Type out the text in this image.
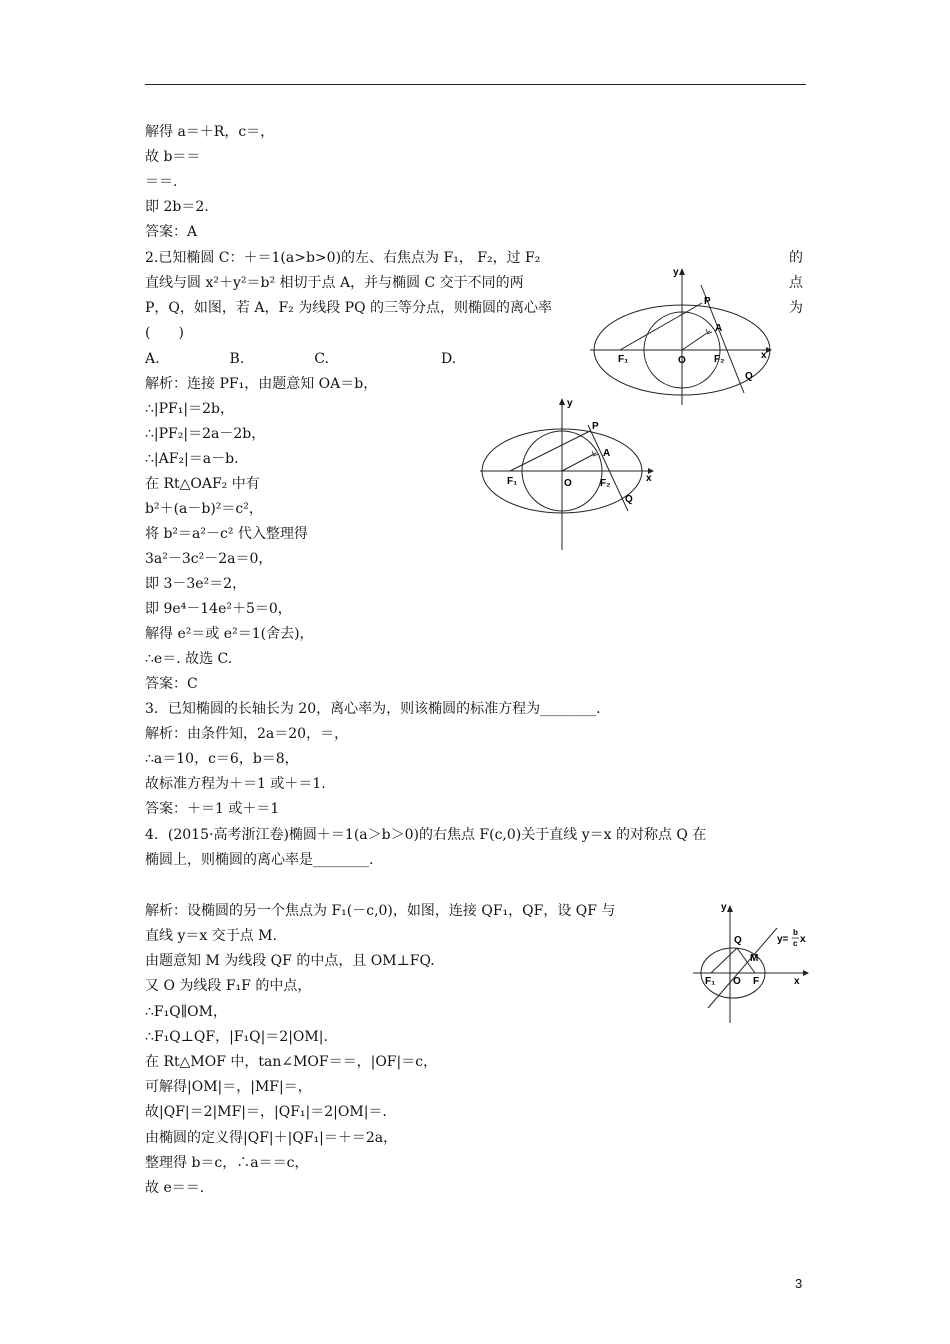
解得 a＝＋R，c＝，
故 b＝＝
＝＝.
即 2b＝2.
答案：A
2.已知椭圆 C：＋＝1(a>b>0)的左、右焦点为 F₁， F₂，过 F₂
直线与圆 x²＋y²＝b² 相切于点 A，并与椭圆 C 交于不同的两
P，Q，如图，若 A，F₂ 为线段 PQ 的三等分点，则椭圆的离心率
(　　)
A.　　　　　B.　　　　　C.　　　　　　　　D.
解析：连接 PF₁，由题意知 OA＝b，
∴|PF₁|＝2b，
∴|PF₂|＝2a－2b，
∴|AF₂|＝a－b.
在 Rt△OAF₂ 中有
b²＋(a－b)²＝c²，
将 b²＝a²－c² 代入整理得
3a²－3c²－2a＝0，
即 3－3e²＝2，
即 9e⁴－14e²＋5＝0，
解得 e²＝或 e²＝1(舍去)，
∴e＝. 故选 C.
答案：C
3．已知椭圆的长轴长为 20，离心率为，则该椭圆的标准方程为________.
解析：由条件知，2a＝20，＝，
∴a＝10，c＝6，b＝8，
故标准方程为＋＝1 或＋＝1.
答案：＋＝1 或＋＝1
4．(2015·高考浙江卷)椭圆＋＝1(a＞b＞0)的右焦点 F(c,0)关于直线 y＝x 的对称点 Q 在
椭圆上，则椭圆的离心率是________.
解析：设椭圆的另一个焦点为 F₁(－c,0)，如图，连接 QF₁，QF，设 QF 与
直线 y＝x 交于点 M.
由题意知 M 为线段 QF 的中点，且 OM⊥FQ.
又 O 为线段 F₁F 的中点，
∴F₁Q∥OM，
∴F₁Q⊥QF，|F₁Q|＝2|OM|.
在 Rt△MOF 中，tan∠MOF＝＝，|OF|＝c，
可解得|OM|＝，|MF|＝，
故|QF|＝2|MF|＝，|QF₁|＝2|OM|＝.
由椭圆的定义得|QF|＋|QF₁|＝＋＝2a，
整理得 b＝c，∴a＝＝c，
故 e＝＝.
的
点
为
y
x
P
A
F₁	O	F₂
Q
y
x
P
A
F₁	O	F₂
Q
y
x
Q
M
F₁ O F
y=
b
c x
3
